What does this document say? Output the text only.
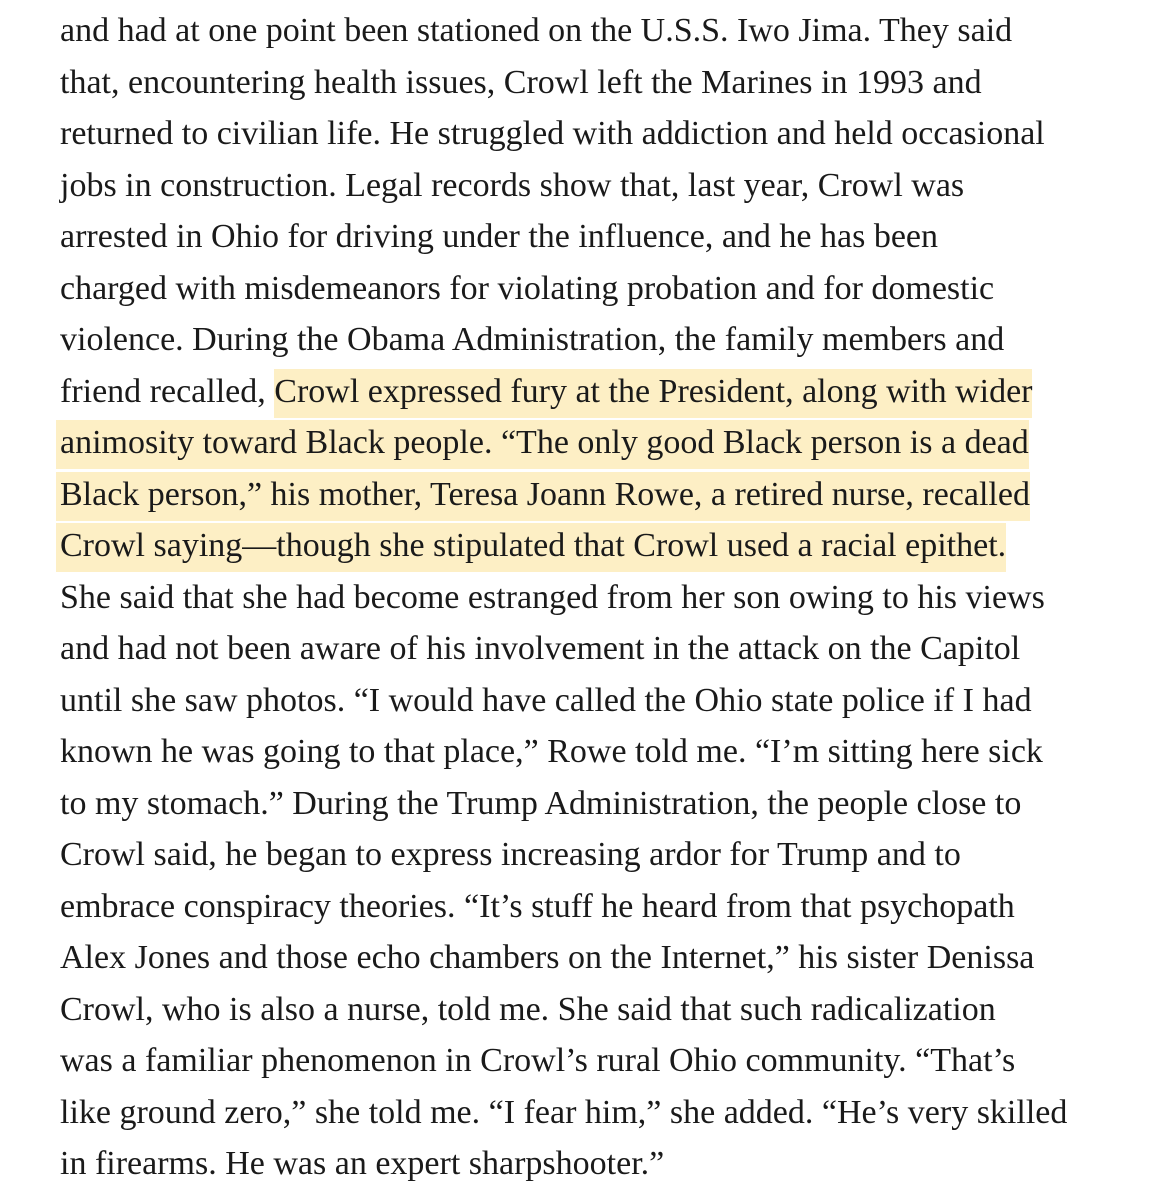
and had at one point been stationed on the U.S.S. Iwo Jima. They said
that, encountering health issues, Crowl left the Marines in 1993 and
returned to civilian life. He struggled with addiction and held occasional
jobs in construction. Legal records show that, last year, Crowl was
arrested in Ohio for driving under the influence, and he has been
charged with misdemeanors for violating probation and for domestic
violence. During the Obama Administration, the family members and
friend recalled, Crowl expressed fury at the President, along with wider
animosity toward Black people. “The only good Black person is a dead
Black person,” his mother, Teresa Joann Rowe, a retired nurse, recalled
Crowl saying—though she stipulated that Crowl used a racial epithet.
She said that she had become estranged from her son owing to his views
and had not been aware of his involvement in the attack on the Capitol
until she saw photos. “I would have called the Ohio state police if I had
known he was going to that place,” Rowe told me. “I’m sitting here sick
to my stomach.” During the Trump Administration, the people close to
Crowl said, he began to express increasing ardor for Trump and to
embrace conspiracy theories. “It’s stuff he heard from that psychopath
Alex Jones and those echo chambers on the Internet,” his sister Denissa
Crowl, who is also a nurse, told me. She said that such radicalization
was a familiar phenomenon in Crowl’s rural Ohio community. “That’s
like ground zero,” she told me. “I fear him,” she added. “He’s very skilled
in firearms. He was an expert sharpshooter.”
